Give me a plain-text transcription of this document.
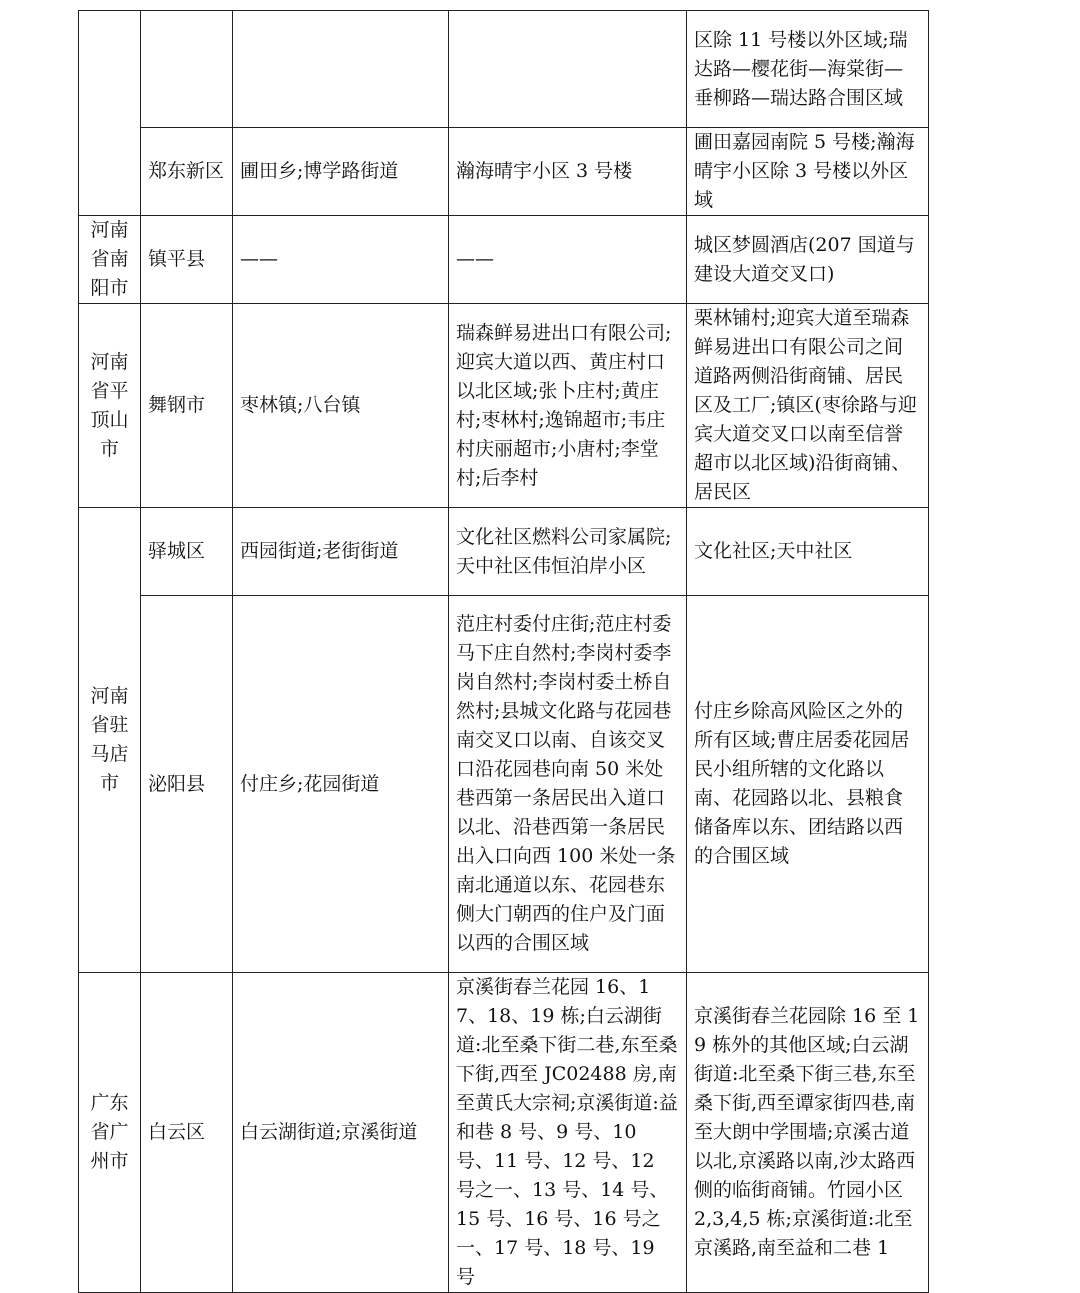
				区除 11 号楼以外区域;瑞达路—樱花街—海棠街—垂柳路—瑞达路合围区域
	郑东新区	圃田乡;博学路街道	瀚海晴宇小区 3 号楼	圃田嘉园南院 5 号楼;瀚海晴宇小区除 3 号楼以外区域
河南省南阳市	镇平县	——	——	城区梦圆酒店(207 国道与建设大道交叉口)
河南省平顶山市	舞钢市	枣林镇;八台镇	瑞森鲜易进出口有限公司;迎宾大道以西、黄庄村口以北区域;张卜庄村;黄庄村;枣林村;逸锦超市;韦庄村庆丽超市;小唐村;李堂村;后李村	栗林铺村;迎宾大道至瑞森鲜易进出口有限公司之间道路两侧沿街商铺、居民区及工厂;镇区(枣徐路与迎宾大道交叉口以南至信誉超市以北区域)沿街商铺、居民区
河南省驻马店市	驿城区	西园街道;老街街道	文化社区燃料公司家属院;天中社区伟恒泊岸小区	文化社区;天中社区
	泌阳县	付庄乡;花园街道	范庄村委付庄街;范庄村委马下庄自然村;李岗村委李岗自然村;李岗村委土桥自然村;县城文化路与花园巷南交叉口以南、自该交叉口沿花园巷向南 50 米处巷西第一条居民出入道口以北、沿巷西第一条居民出入口向西 100 米处一条南北通道以东、花园巷东侧大门朝西的住户及门面以西的合围区域	付庄乡除高风险区之外的所有区域;曹庄居委花园居民小组所辖的文化路以南、花园路以北、县粮食储备库以东、团结路以西的合围区域
广东省广州市	白云区	白云湖街道;京溪街道	京溪街春兰花园 16、17、18、19 栋;白云湖街道:北至桑下街二巷,东至桑下街,西至 JC02488 房,南至黄氏大宗祠;京溪街道:益和巷 8 号、9 号、10 号、11 号、12 号、12 号之一、13 号、14 号、15 号、16 号、16 号之一、17 号、18 号、19 号	京溪街春兰花园除 16 至 19 栋外的其他区域;白云湖街道:北至桑下街三巷,东至桑下街,西至谭家街四巷,南至大朗中学围墙;京溪古道以北,京溪路以南,沙太路西侧的临街商铺。竹园小区 2,3,4,5 栋;京溪街道:北至京溪路,南至益和二巷 1
